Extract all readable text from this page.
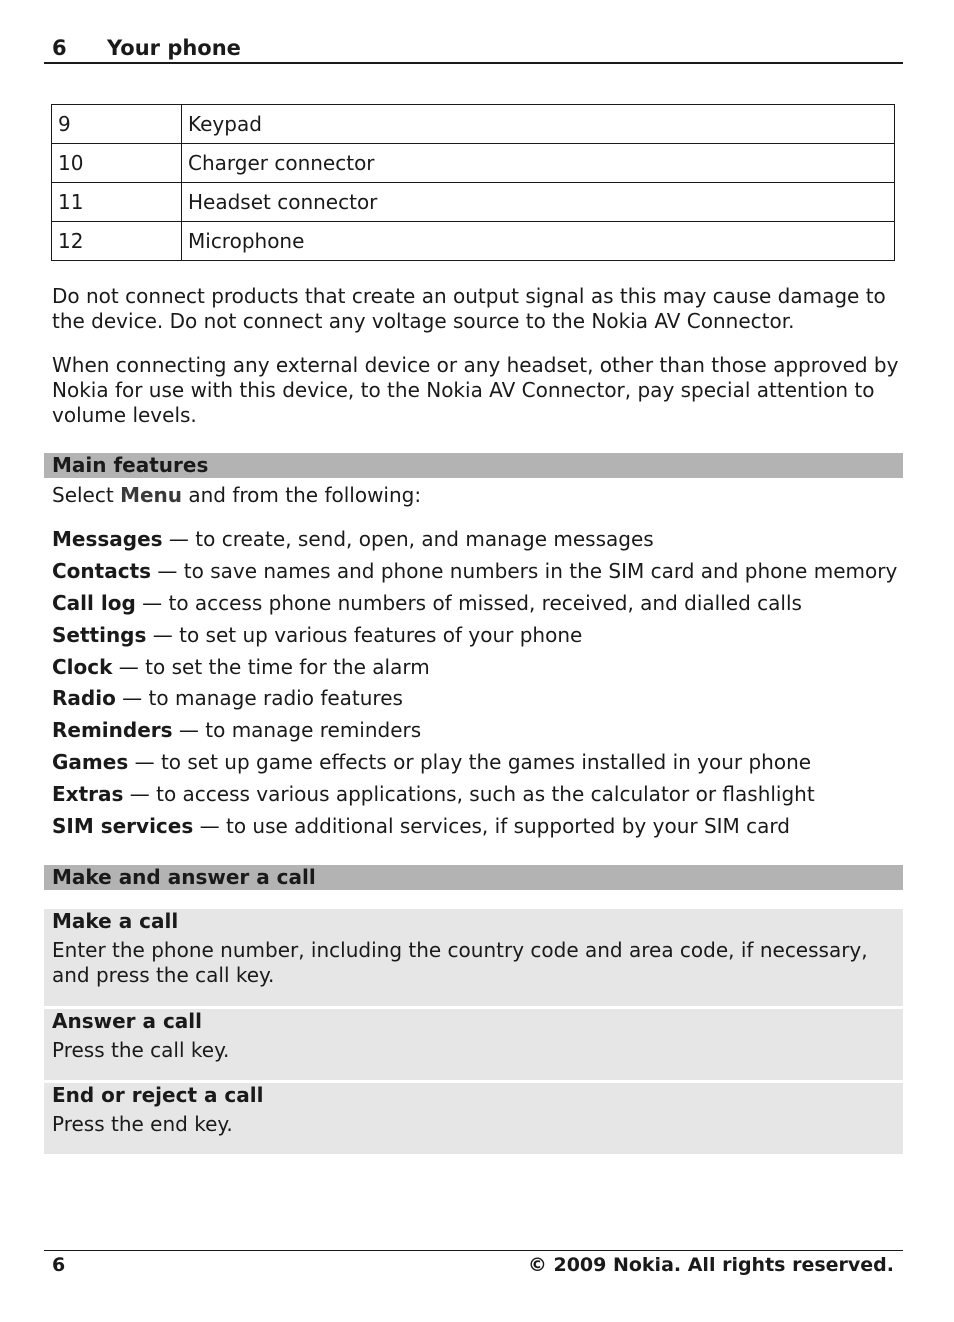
6 Your phone
9	Keypad
10	Charger connector
11	Headset connector
12	Microphone

Do not connect products that create an output signal as this may cause damage to the device. Do not connect any voltage source to the Nokia AV Connector.

When connecting any external device or any headset, other than those approved by Nokia for use with this device, to the Nokia AV Connector, pay special attention to volume levels.

Main features

Select Menu and from the following:

Messages — to create, send, open, and manage messages
Contacts — to save names and phone numbers in the SIM card and phone memory
Call log — to access phone numbers of missed, received, and dialled calls
Settings — to set up various features of your phone
Clock — to set the time for the alarm
Radio — to manage radio features
Reminders — to manage reminders
Games — to set up game effects or play the games installed in your phone
Extras — to access various applications, such as the calculator or flashlight
SIM services — to use additional services, if supported by your SIM card
Make and answer a call
Make a call
Enter the phone number, including the country code and area code, if necessary, and press the call key.
Answer a call
Press the call key.
End or reject a call
Press the end key.
6	© 2009 Nokia. All rights reserved.
